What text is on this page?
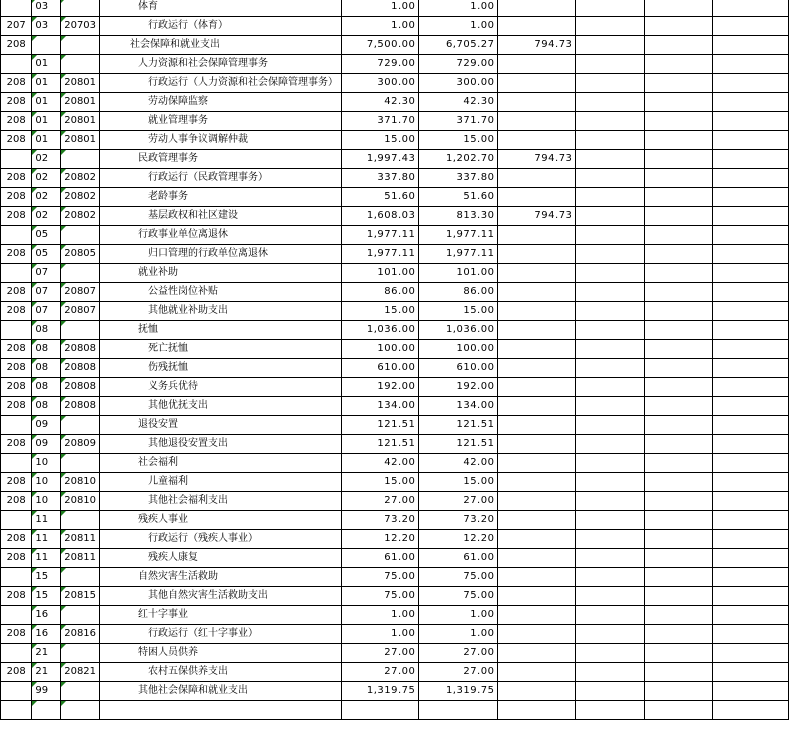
	03		体育	1.00	1.00				
207	03	20703	行政运行（体育）	1.00	1.00				
208			社会保障和就业支出	7,500.00	6,705.27	794.73			
	01		人力资源和社会保障管理事务	729.00	729.00				
208	01	20801	行政运行（人力资源和社会保障管理事务）	300.00	300.00				
208	01	20801	劳动保障监察	42.30	42.30				
208	01	20801	就业管理事务	371.70	371.70				
208	01	20801	劳动人事争议调解仲裁	15.00	15.00				
	02		民政管理事务	1,997.43	1,202.70	794.73			
208	02	20802	行政运行（民政管理事务）	337.80	337.80				
208	02	20802	老龄事务	51.60	51.60				
208	02	20802	基层政权和社区建设	1,608.03	813.30	794.73			
	05		行政事业单位离退休	1,977.11	1,977.11				
208	05	20805	归口管理的行政单位离退休	1,977.11	1,977.11				
	07		就业补助	101.00	101.00				
208	07	20807	公益性岗位补贴	86.00	86.00				
208	07	20807	其他就业补助支出	15.00	15.00				
	08		抚恤	1,036.00	1,036.00				
208	08	20808	死亡抚恤	100.00	100.00				
208	08	20808	伤残抚恤	610.00	610.00				
208	08	20808	义务兵优待	192.00	192.00				
208	08	20808	其他优抚支出	134.00	134.00				
	09		退役安置	121.51	121.51				
208	09	20809	其他退役安置支出	121.51	121.51				
	10		社会福利	42.00	42.00				
208	10	20810	儿童福利	15.00	15.00				
208	10	20810	其他社会福利支出	27.00	27.00				
	11		残疾人事业	73.20	73.20				
208	11	20811	行政运行（残疾人事业）	12.20	12.20				
208	11	20811	残疾人康复	61.00	61.00				
	15		自然灾害生活救助	75.00	75.00				
208	15	20815	其他自然灾害生活救助支出	75.00	75.00				
	16		红十字事业	1.00	1.00				
208	16	20816	行政运行（红十字事业）	1.00	1.00				
	21		特困人员供养	27.00	27.00				
208	21	20821	农村五保供养支出	27.00	27.00				
	99		其他社会保障和就业支出	1,319.75	1,319.75				
